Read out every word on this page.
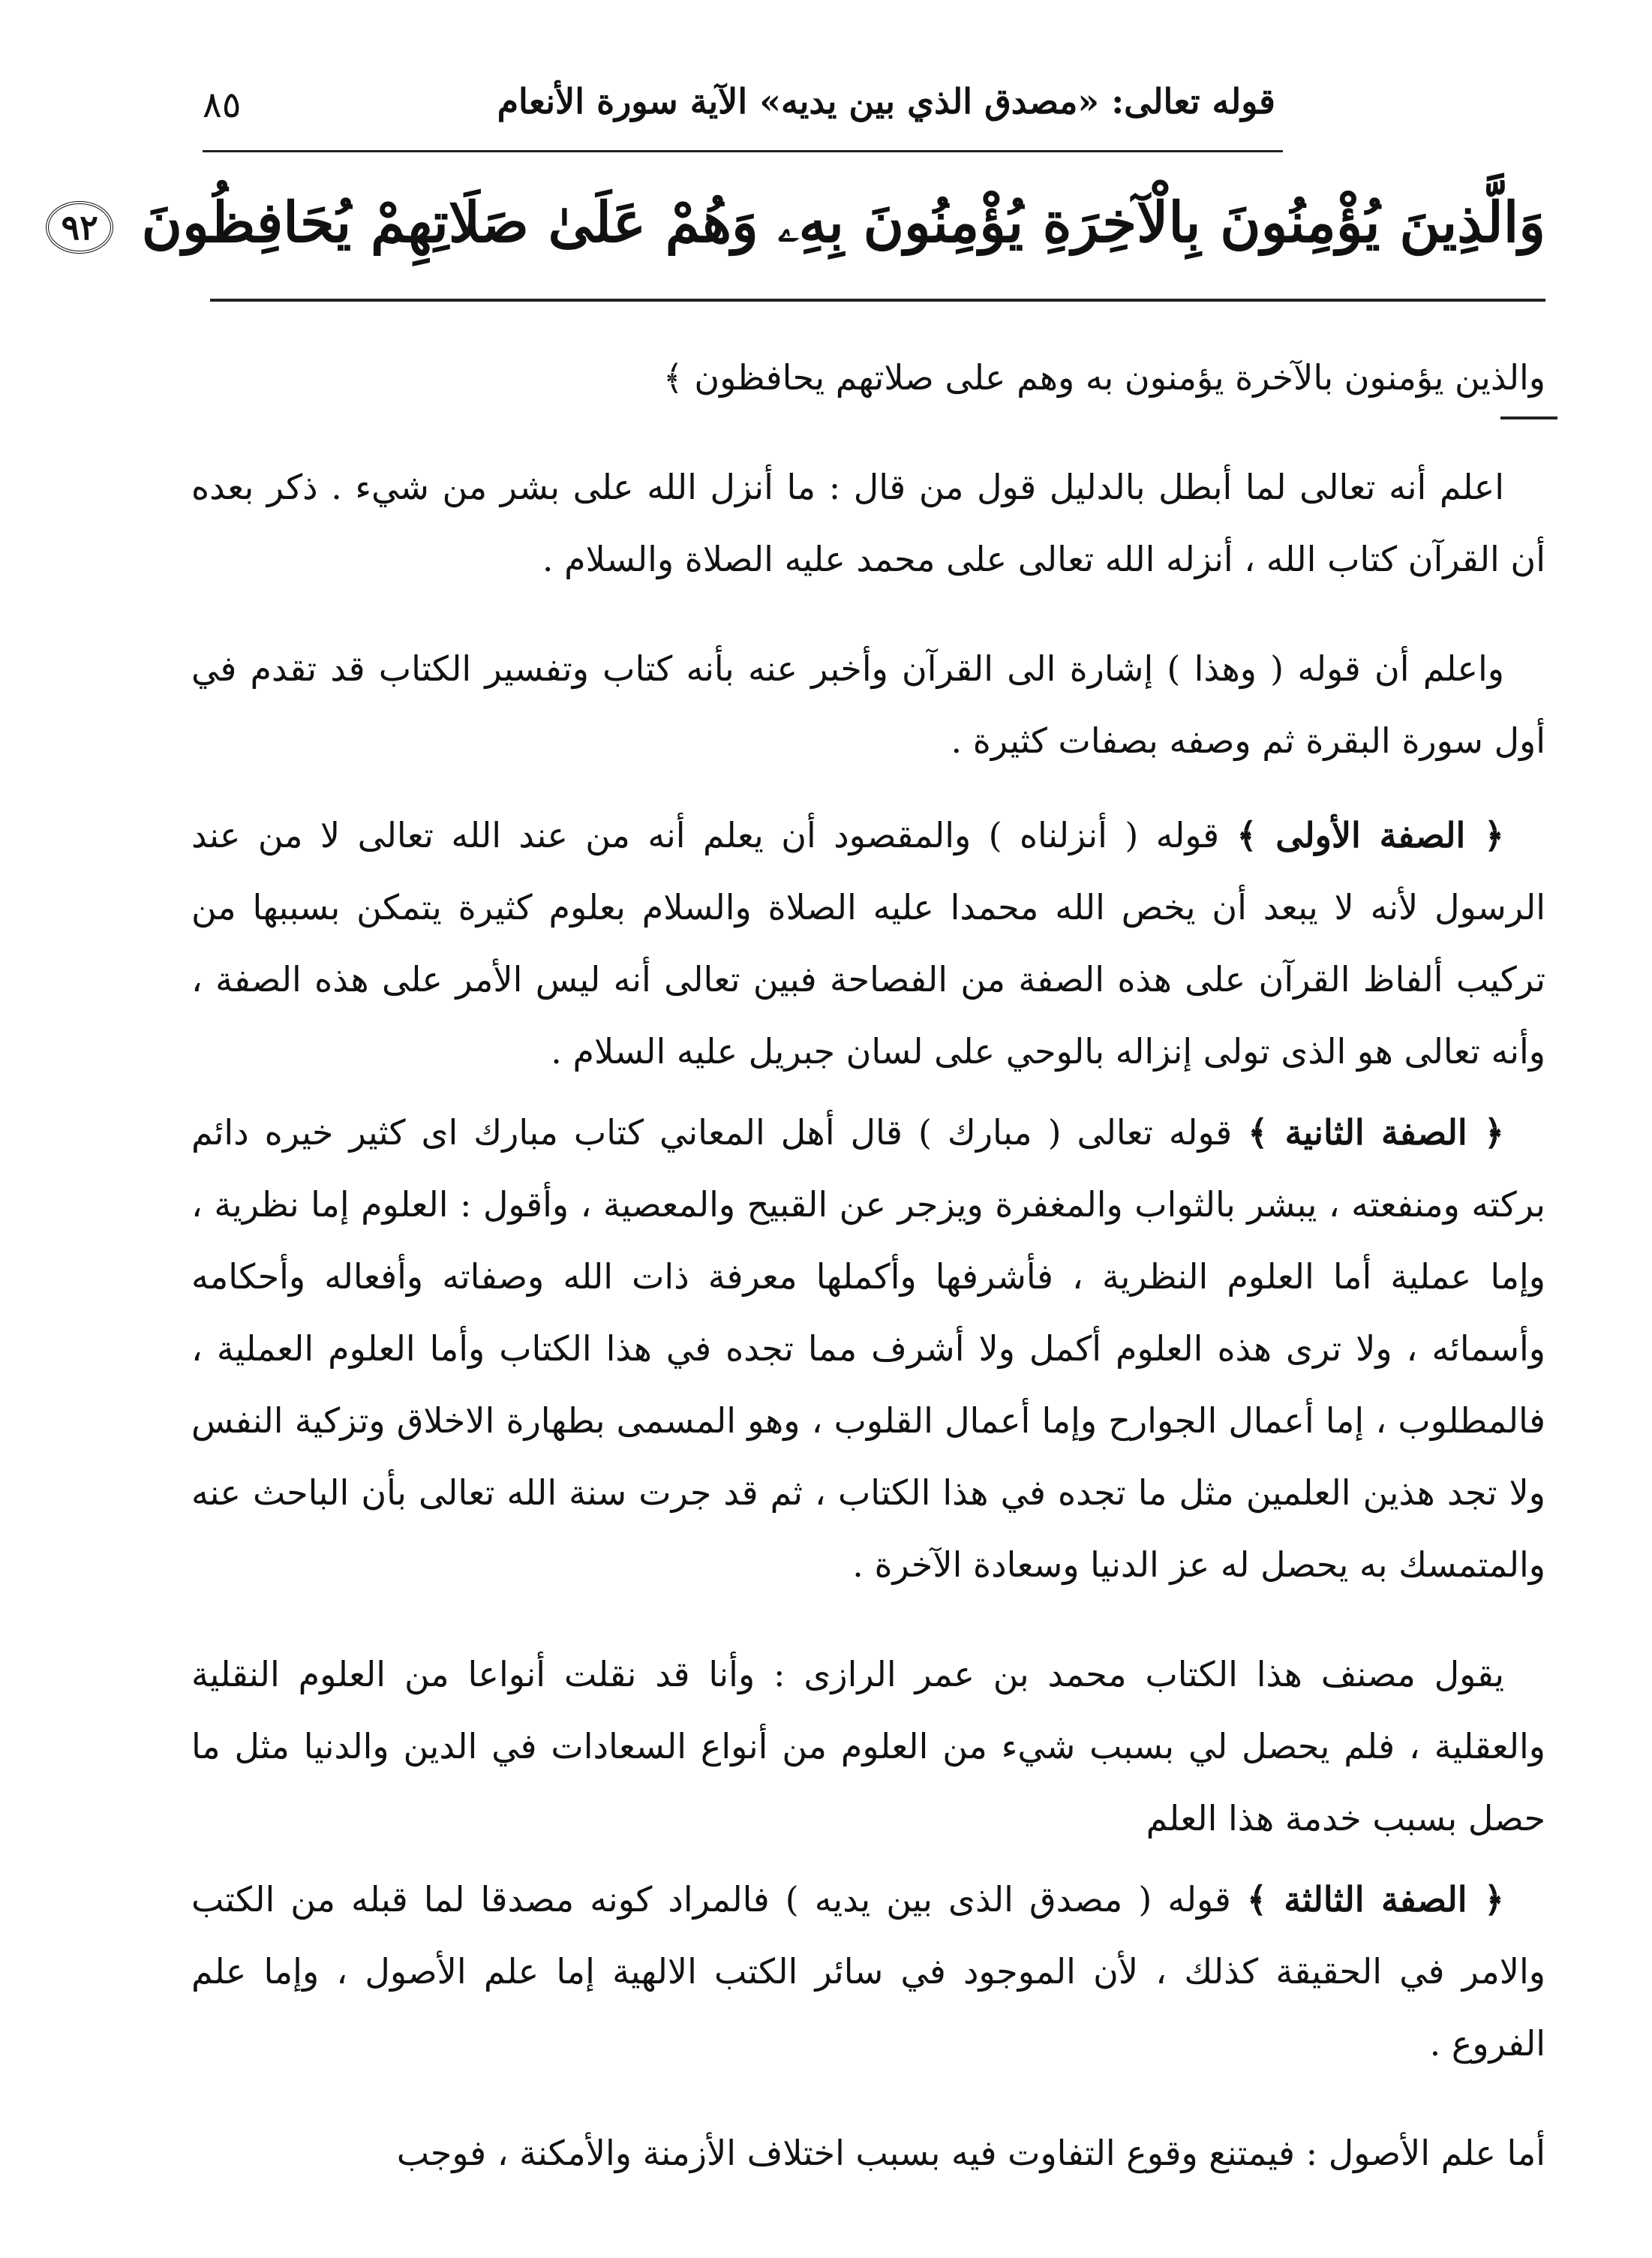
قوله تعالى: «مصدق الذي بين يديه» الآية سورة الأنعام
٨٥
وَالَّذِينَ يُؤْمِنُونَ بِالْآخِرَةِ يُؤْمِنُونَ بِهِۦ وَهُمْ عَلَىٰ صَلَاتِهِمْ يُحَافِظُونَ ٩٢

والذين يؤمنون بالآخرة يؤمنون به وهم على صلاتهم يحافظون ﴾

اعلم أنه تعالى لما أبطل بالدليل قول من قال : ما أنزل الله على بشر من شيء . ذكر بعده أن القرآن كتاب الله ، أنزله الله تعالى على محمد عليه الصلاة والسلام .

واعلم أن قوله ( وهذا ) إشارة الى القرآن وأخبر عنه بأنه كتاب وتفسير الكتاب قد تقدم في أول سورة البقرة ثم وصفه بصفات كثيرة .

﴿ الصفة الأولى ﴾ قوله ( أنزلناه ) والمقصود أن يعلم أنه من عند الله تعالى لا من عند الرسول لأنه لا يبعد أن يخص الله محمدا عليه الصلاة والسلام بعلوم كثيرة يتمكن بسببها من تركيب ألفاظ القرآن على هذه الصفة من الفصاحة فبين تعالى أنه ليس الأمر على هذه الصفة ، وأنه تعالى هو الذى تولى إنزاله بالوحي على لسان جبريل عليه السلام .

﴿ الصفة الثانية ﴾ قوله تعالى ( مبارك ) قال أهل المعاني كتاب مبارك اى كثير خيره دائم بركته ومنفعته ، يبشر بالثواب والمغفرة ويزجر عن القبيح والمعصية ، وأقول : العلوم إما نظرية ، وإما عملية أما العلوم النظرية ، فأشرفها وأكملها معرفة ذات الله وصفاته وأفعاله وأحكامه وأسمائه ، ولا ترى هذه العلوم أكمل ولا أشرف مما تجده في هذا الكتاب وأما العلوم العملية ، فالمطلوب ، إما أعمال الجوارح وإما أعمال القلوب ، وهو المسمى بطهارة الاخلاق وتزكية النفس ولا تجد هذين العلمين مثل ما تجده في هذا الكتاب ، ثم قد جرت سنة الله تعالى بأن الباحث عنه والمتمسك به يحصل له عز الدنيا وسعادة الآخرة .

يقول مصنف هذا الكتاب محمد بن عمر الرازى : وأنا قد نقلت أنواعا من العلوم النقلية والعقلية ، فلم يحصل لي بسبب شيء من العلوم من أنواع السعادات في الدين والدنيا مثل ما حصل بسبب خدمة هذا العلم

﴿ الصفة الثالثة ﴾ قوله ( مصدق الذى بين يديه ) فالمراد كونه مصدقا لما قبله من الكتب والامر في الحقيقة كذلك ، لأن الموجود في سائر الكتب الالهية إما علم الأصول ، وإما علم الفروع .

أما علم الأصول : فيمتنع وقوع التفاوت فيه بسبب اختلاف الأزمنة والأمكنة ، فوجب
